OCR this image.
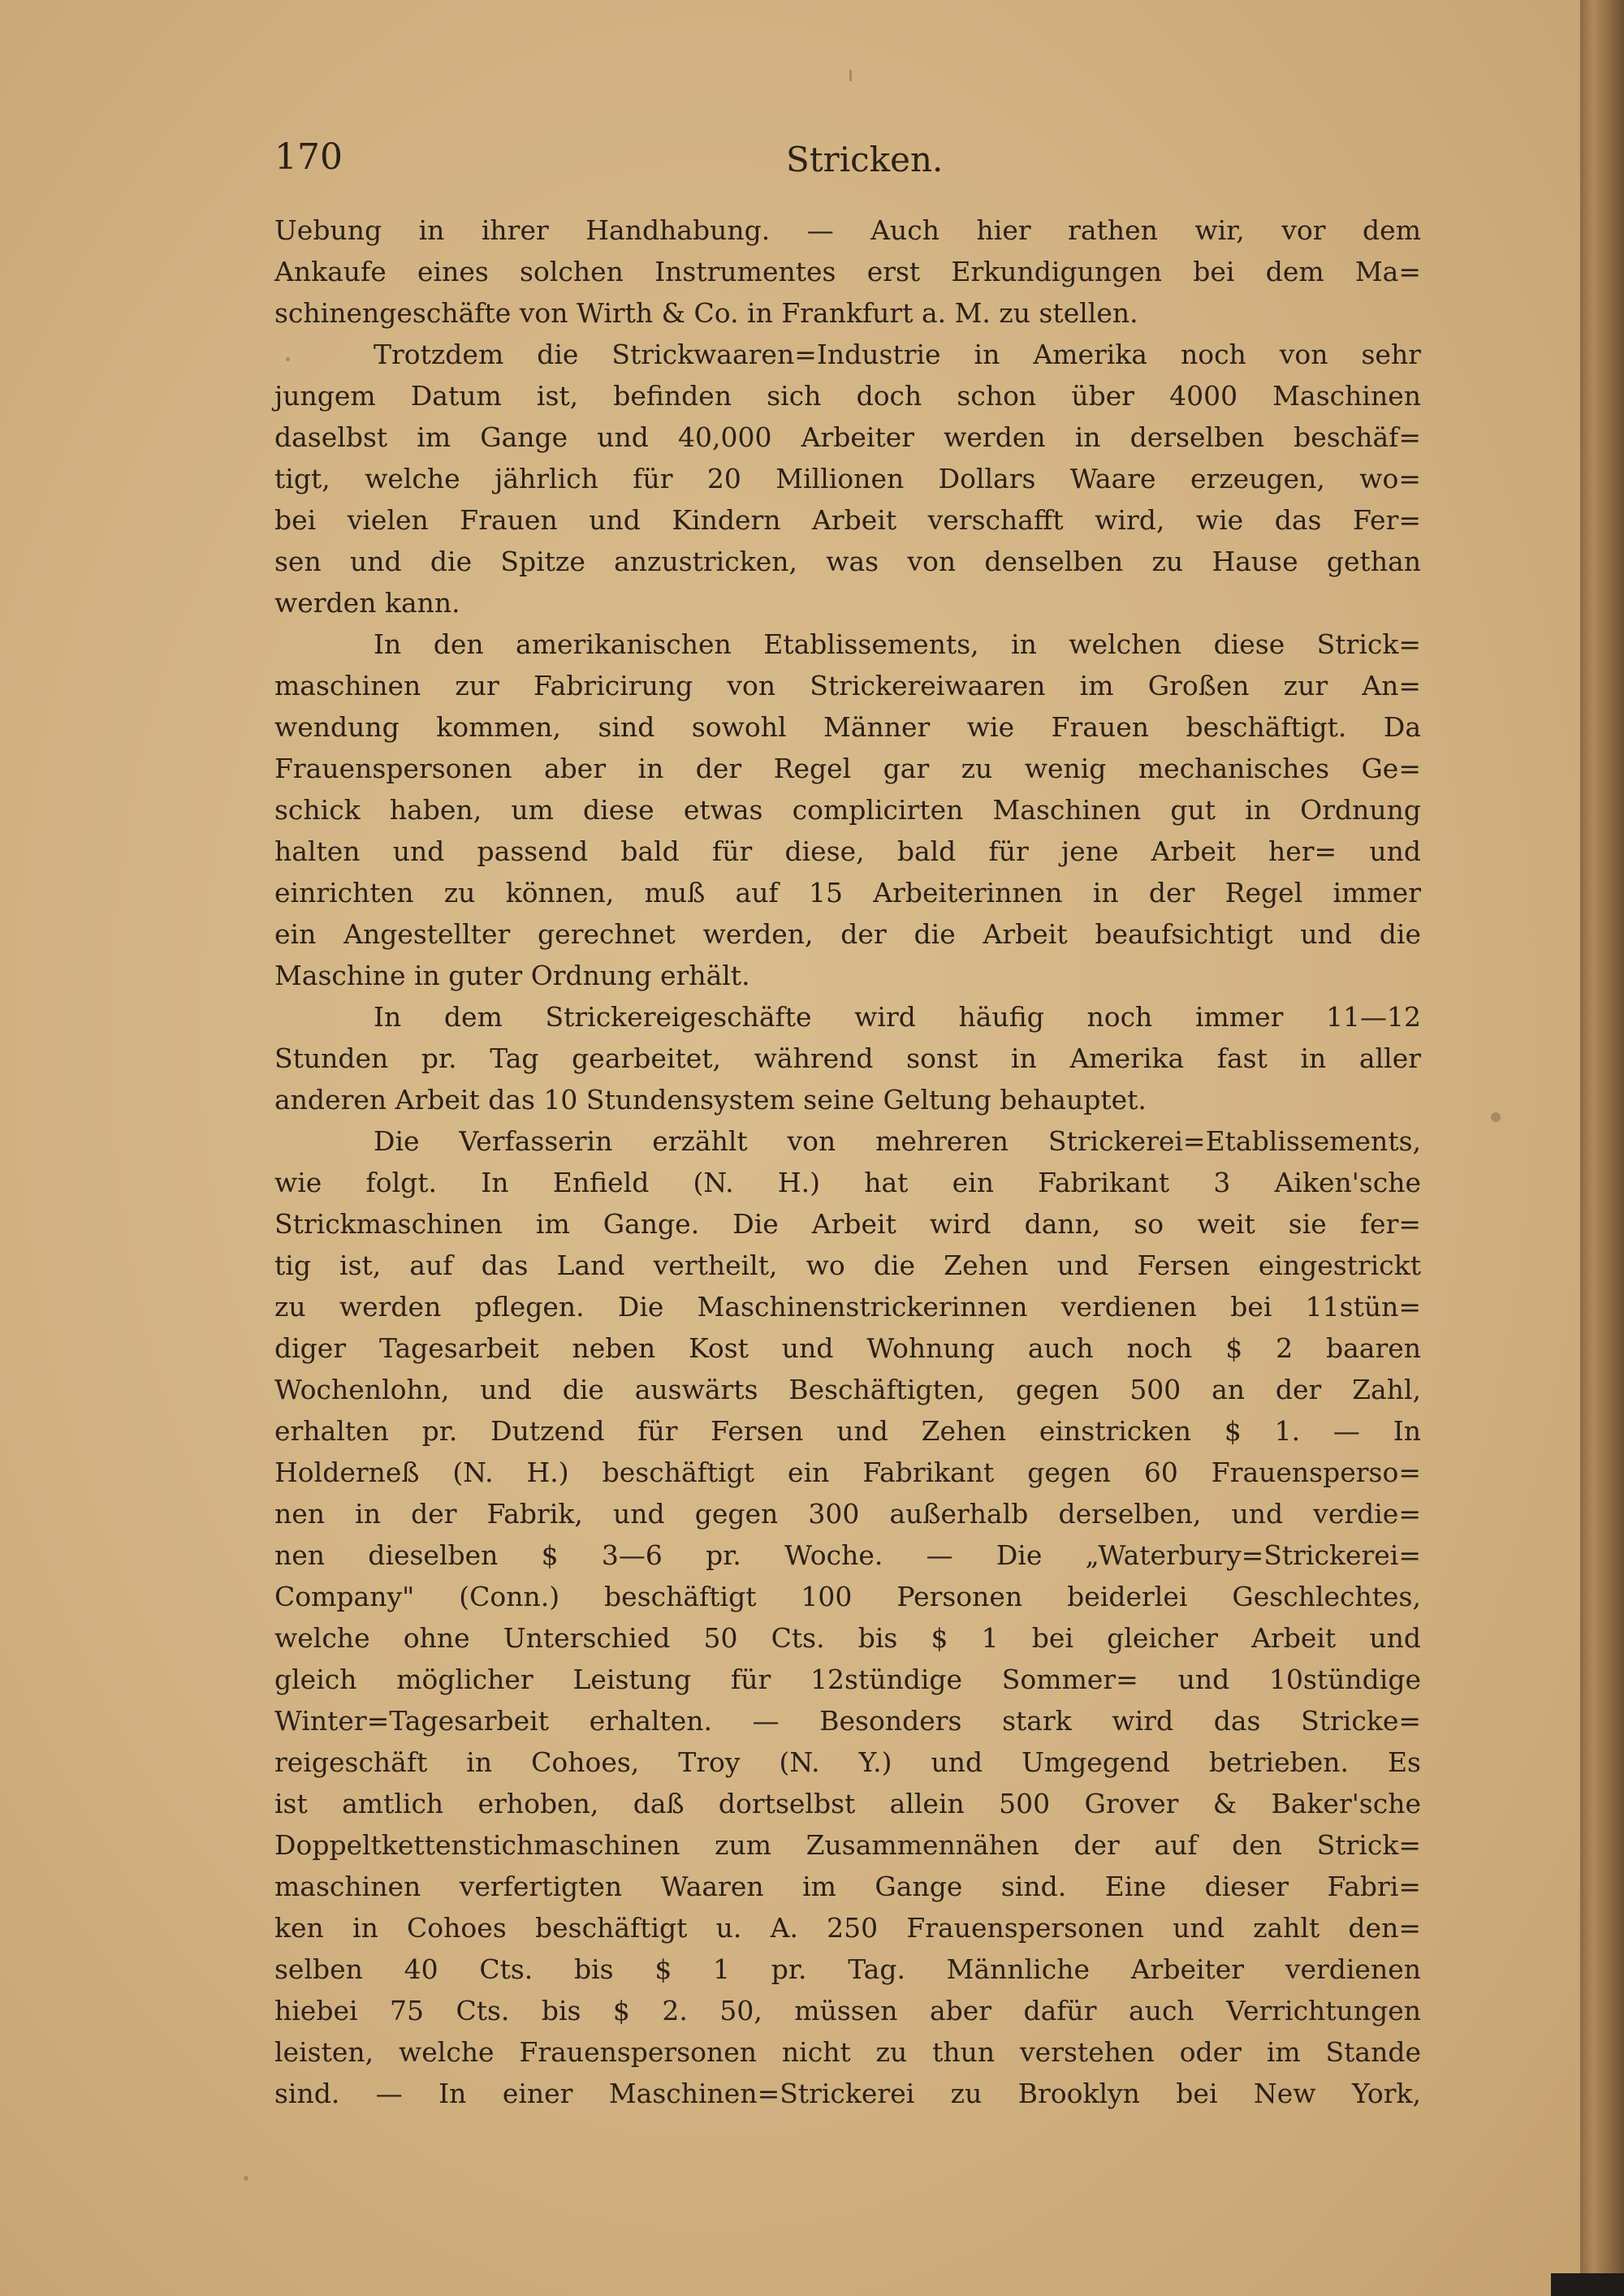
170	Stricken.

Uebung in ihrer Handhabung. — Auch hier rathen wir, vor dem

Ankaufe eines solchen Instrumentes erst Erkundigungen bei dem Ma=

schinengeschäfte von Wirth & Co. in Frankfurt a. M. zu stellen.

Trotzdem die Strickwaaren=Industrie in Amerika noch von sehr

jungem Datum ist, befinden sich doch schon über 4000 Maschinen

daselbst im Gange und 40,000 Arbeiter werden in derselben beschäf=

tigt, welche jährlich für 20 Millionen Dollars Waare erzeugen, wo=

bei vielen Frauen und Kindern Arbeit verschafft wird, wie das Fer=

sen und die Spitze anzustricken, was von denselben zu Hause gethan

werden kann.

In den amerikanischen Etablissements, in welchen diese Strick=

maschinen zur Fabricirung von Strickereiwaaren im Großen zur An=

wendung kommen, sind sowohl Männer wie Frauen beschäftigt. Da

Frauenspersonen aber in der Regel gar zu wenig mechanisches Ge=

schick haben, um diese etwas complicirten Maschinen gut in Ordnung

halten und passend bald für diese, bald für jene Arbeit her= und

einrichten zu können, muß auf 15 Arbeiterinnen in der Regel immer

ein Angestellter gerechnet werden, der die Arbeit beaufsichtigt und die

Maschine in guter Ordnung erhält.

In dem Strickereigeschäfte wird häufig noch immer 11—12

Stunden pr. Tag gearbeitet, während sonst in Amerika fast in aller

anderen Arbeit das 10 Stundensystem seine Geltung behauptet.

Die Verfasserin erzählt von mehreren Strickerei=Etablissements,

wie folgt. In Enfield (N. H.) hat ein Fabrikant 3 Aiken'sche

Strickmaschinen im Gange. Die Arbeit wird dann, so weit sie fer=

tig ist, auf das Land vertheilt, wo die Zehen und Fersen eingestrickt

zu werden pflegen. Die Maschinenstrickerinnen verdienen bei 11stün=

diger Tagesarbeit neben Kost und Wohnung auch noch $ 2 baaren

Wochenlohn, und die auswärts Beschäftigten, gegen 500 an der Zahl,

erhalten pr. Dutzend für Fersen und Zehen einstricken $ 1. — In

Holderneß (N. H.) beschäftigt ein Fabrikant gegen 60 Frauensperso=

nen in der Fabrik, und gegen 300 außerhalb derselben, und verdie=

nen dieselben $ 3—6 pr. Woche. — Die „Waterbury=Strickerei=

Company" (Conn.) beschäftigt 100 Personen beiderlei Geschlechtes,

welche ohne Unterschied 50 Cts. bis $ 1 bei gleicher Arbeit und

gleich möglicher Leistung für 12stündige Sommer= und 10stündige

Winter=Tagesarbeit erhalten. — Besonders stark wird das Stricke=

reigeschäft in Cohoes, Troy (N. Y.) und Umgegend betrieben. Es

ist amtlich erhoben, daß dortselbst allein 500 Grover & Baker'sche

Doppeltkettenstichmaschinen zum Zusammennähen der auf den Strick=

maschinen verfertigten Waaren im Gange sind. Eine dieser Fabri=

ken in Cohoes beschäftigt u. A. 250 Frauenspersonen und zahlt den=

selben 40 Cts. bis $ 1 pr. Tag. Männliche Arbeiter verdienen

hiebei 75 Cts. bis $ 2. 50, müssen aber dafür auch Verrichtungen

leisten, welche Frauenspersonen nicht zu thun verstehen oder im Stande

sind. — In einer Maschinen=Strickerei zu Brooklyn bei New York,
